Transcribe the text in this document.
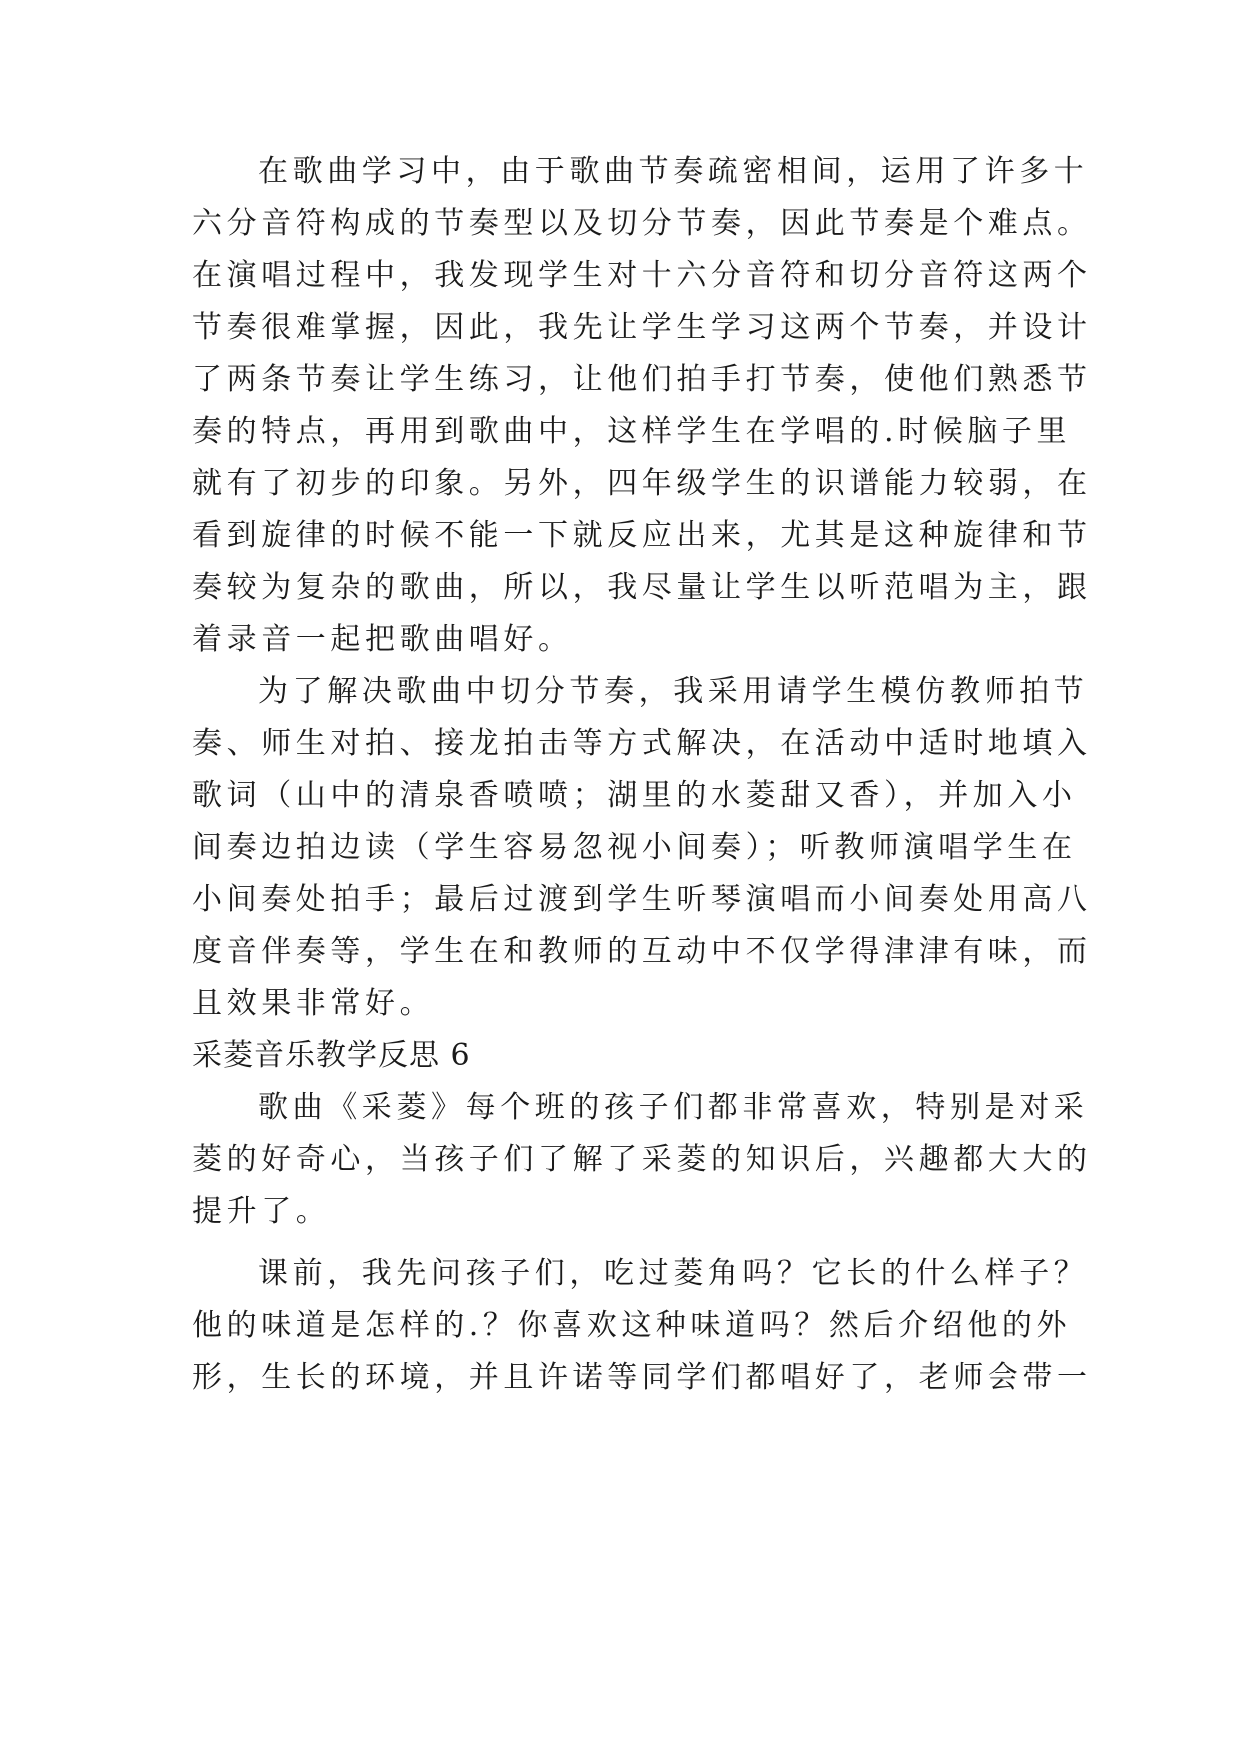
在歌曲学习中，由于歌曲节奏疏密相间，运用了许多十
六分音符构成的节奏型以及切分节奏，因此节奏是个难点。
在演唱过程中，我发现学生对十六分音符和切分音符这两个
节奏很难掌握，因此，我先让学生学习这两个节奏，并设计
了两条节奏让学生练习，让他们拍手打节奏，使他们熟悉节
奏的特点，再用到歌曲中，这样学生在学唱的.时候脑子里
就有了初步的印象。另外，四年级学生的识谱能力较弱，在
看到旋律的时候不能一下就反应出来，尤其是这种旋律和节
奏较为复杂的歌曲，所以，我尽量让学生以听范唱为主，跟
着录音一起把歌曲唱好。
为了解决歌曲中切分节奏，我采用请学生模仿教师拍节
奏、师生对拍、接龙拍击等方式解决，在活动中适时地填入
歌词（山中的清泉香喷喷；湖里的水菱甜又香），并加入小
间奏边拍边读（学生容易忽视小间奏）；听教师演唱学生在
小间奏处拍手；最后过渡到学生听琴演唱而小间奏处用高八
度音伴奏等，学生在和教师的互动中不仅学得津津有味，而
且效果非常好。
采菱音乐教学反思 6
歌曲《采菱》每个班的孩子们都非常喜欢，特别是对采
菱的好奇心，当孩子们了解了采菱的知识后，兴趣都大大的
提升了。
课前，我先问孩子们，吃过菱角吗？它长的什么样子？
他的味道是怎样的.？你喜欢这种味道吗？然后介绍他的外
形，生长的环境，并且许诺等同学们都唱好了，老师会带一
